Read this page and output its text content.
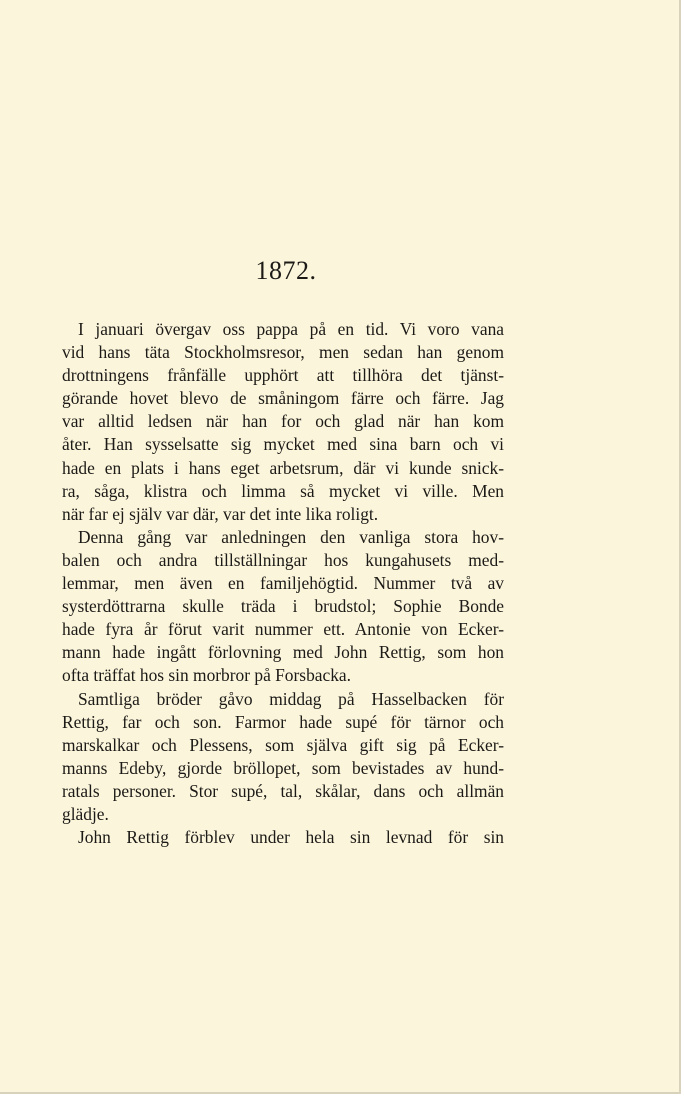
1872.
I januari övergav oss pappa på en tid. Vi voro vana
vid hans täta Stockholmsresor, men sedan han genom
drottningens frånfälle upphört att tillhöra det tjänst-
görande hovet blevo de småningom färre och färre. Jag
var alltid ledsen när han for och glad när han kom
åter. Han sysselsatte sig mycket med sina barn och vi
hade en plats i hans eget arbetsrum, där vi kunde snick-
ra, såga, klistra och limma så mycket vi ville. Men
när far ej själv var där, var det inte lika roligt.
Denna gång var anledningen den vanliga stora hov-
balen och andra tillställningar hos kungahusets med-
lemmar, men även en familjehögtid. Nummer två av
systerdöttrarna skulle träda i brudstol; Sophie Bonde
hade fyra år förut varit nummer ett. Antonie von Ecker-
mann hade ingått förlovning med John Rettig, som hon
ofta träffat hos sin morbror på Forsbacka.
Samtliga bröder gåvo middag på Hasselbacken för
Rettig, far och son. Farmor hade supé för tärnor och
marskalkar och Plessens, som själva gift sig på Ecker-
manns Edeby, gjorde bröllopet, som bevistades av hund-
ratals personer. Stor supé, tal, skålar, dans och allmän
glädje.
John Rettig förblev under hela sin levnad för sin
